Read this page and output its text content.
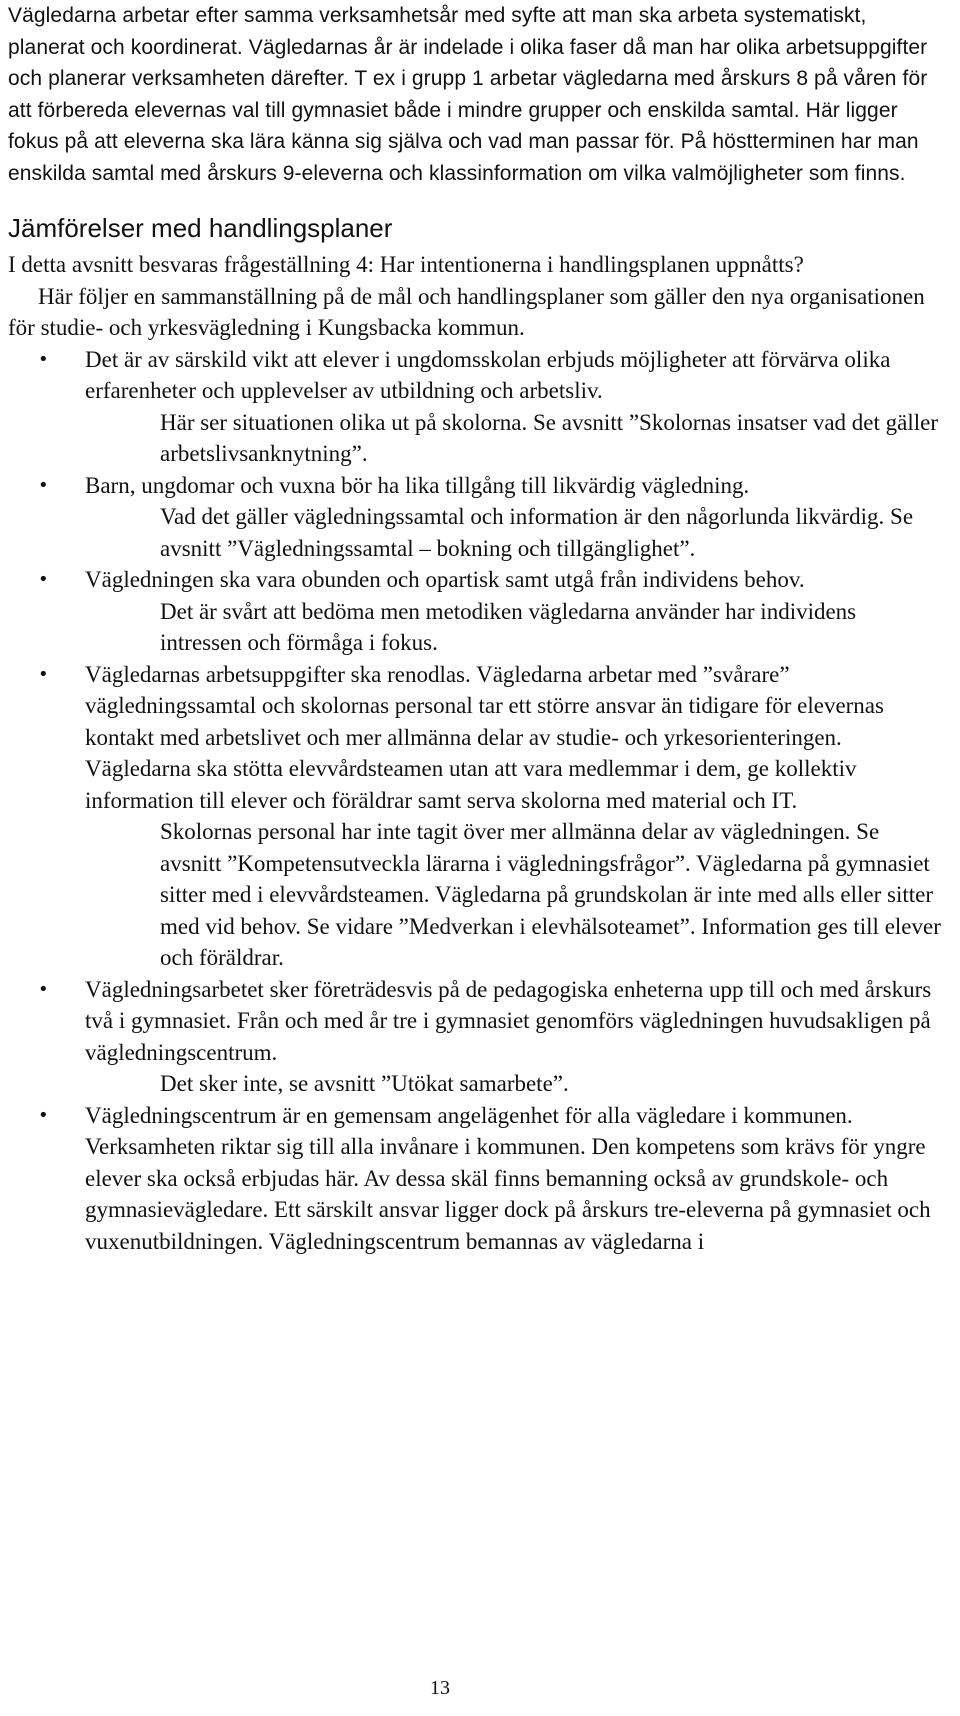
Vägledarna arbetar efter samma verksamhetsår med syfte att man ska arbeta systematiskt, planerat och koordinerat. Vägledarnas år är indelade i olika faser då man har olika arbetsuppgifter och planerar verksamheten därefter. T ex i grupp 1 arbetar vägledarna med årskurs 8 på våren för att förbereda elevernas val till gymnasiet både i mindre grupper och enskilda samtal. Här ligger fokus på att eleverna ska lära känna sig själva och vad man passar för. På höstterminen har man enskilda samtal med årskurs 9-eleverna och klassinformation om vilka valmöjligheter som finns.

Jämförelser med handlingsplaner

I detta avsnitt besvaras frågeställning 4: Har intentionerna i handlingsplanen uppnåtts?

Här följer en sammanställning på de mål och handlingsplaner som gäller den nya organisationen för studie- och yrkesvägledning i Kungsbacka kommun.

• Det är av särskild vikt att elever i ungdomsskolan erbjuds möjligheter att förvärva olika erfarenheter och upplevelser av utbildning och arbetsliv.

Här ser situationen olika ut på skolorna. Se avsnitt ”Skolornas insatser vad det gäller arbetslivsanknytning”.

• Barn, ungdomar och vuxna bör ha lika tillgång till likvärdig vägledning.

Vad det gäller vägledningssamtal och information är den någorlunda likvärdig. Se avsnitt ”Vägledningssamtal – bokning och tillgänglighet”.

• Vägledningen ska vara obunden och opartisk samt utgå från individens behov.

Det är svårt att bedöma men metodiken vägledarna använder har individens intressen och förmåga i fokus.

• Vägledarnas arbetsuppgifter ska renodlas. Vägledarna arbetar med ”svårare” vägledningssamtal och skolornas personal tar ett större ansvar än tidigare för elevernas kontakt med arbetslivet och mer allmänna delar av studie- och yrkesorienteringen. Vägledarna ska stötta elevvårdsteamen utan att vara medlemmar i dem, ge kollektiv information till elever och föräldrar samt serva skolorna med material och IT.

Skolornas personal har inte tagit över mer allmänna delar av vägledningen. Se avsnitt ”Kompetensutveckla lärarna i vägledningsfrågor”. Vägledarna på gymnasiet sitter med i elevvårdsteamen. Vägledarna på grundskolan är inte med alls eller sitter med vid behov. Se vidare ”Medverkan i elevhälsoteamet”. Information ges till elever och föräldrar.

• Vägledningsarbetet sker företrädesvis på de pedagogiska enheterna upp till och med årskurs två i gymnasiet. Från och med år tre i gymnasiet genomförs vägledningen huvudsakligen på vägledningscentrum.

Det sker inte, se avsnitt ”Utökat samarbete”.

• Vägledningscentrum är en gemensam angelägenhet för alla vägledare i kommunen. Verksamheten riktar sig till alla invånare i kommunen. Den kompetens som krävs för yngre elever ska också erbjudas här. Av dessa skäl finns bemanning också av grundskole- och gymnasievägledare. Ett särskilt ansvar ligger dock på årskurs tre-eleverna på gymnasiet och vuxenutbildningen. Vägledningscentrum bemannas av vägledarna i
13
